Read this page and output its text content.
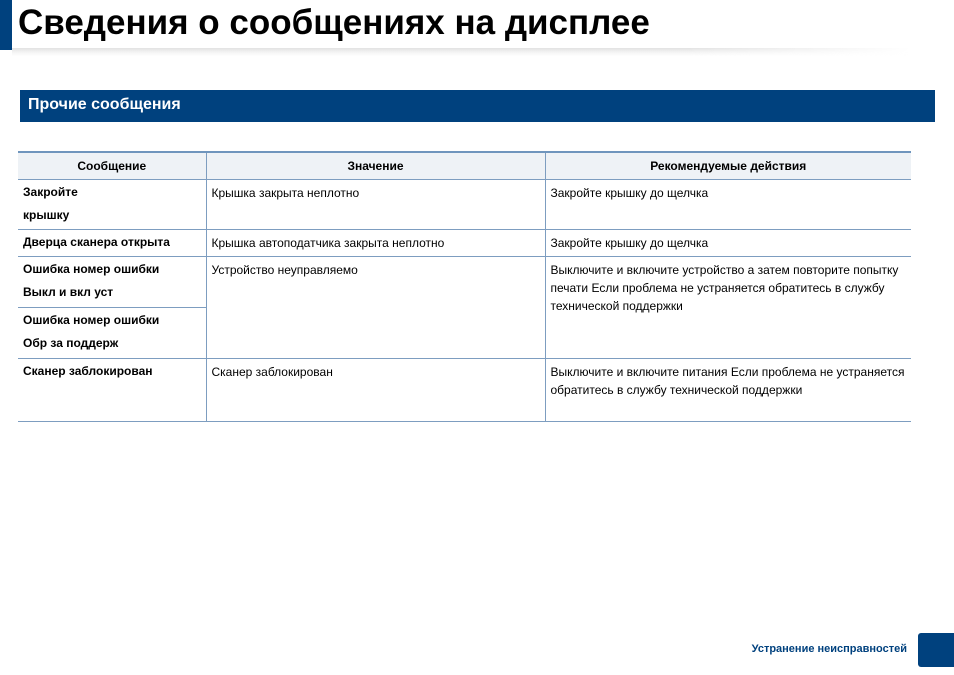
Сведения о сообщениях на дисплее
Прочие сообщения
Сообщение	Значение	Рекомендуемые действия

Закройте
крышку	Крышка закрыта неплотно	Закройте крышку до щелчка

Дверца сканера открыта	Крышка автоподатчика закрыта неплотно	Закройте крышку до щелчка

Ошибка номер ошибки
Выкл и вкл уст	Устройство неуправляемо	Выключите и включите устройство а затем повторите попытку печати Если проблема не устраняется обратитесь в службу технической поддержки

Ошибка номер ошибки
Обр за поддерж		

Сканер заблокирован	Сканер заблокирован	Выключите и включите питания Если проблема не устраняется обратитесь в службу технической поддержки

Устранение неисправностей
